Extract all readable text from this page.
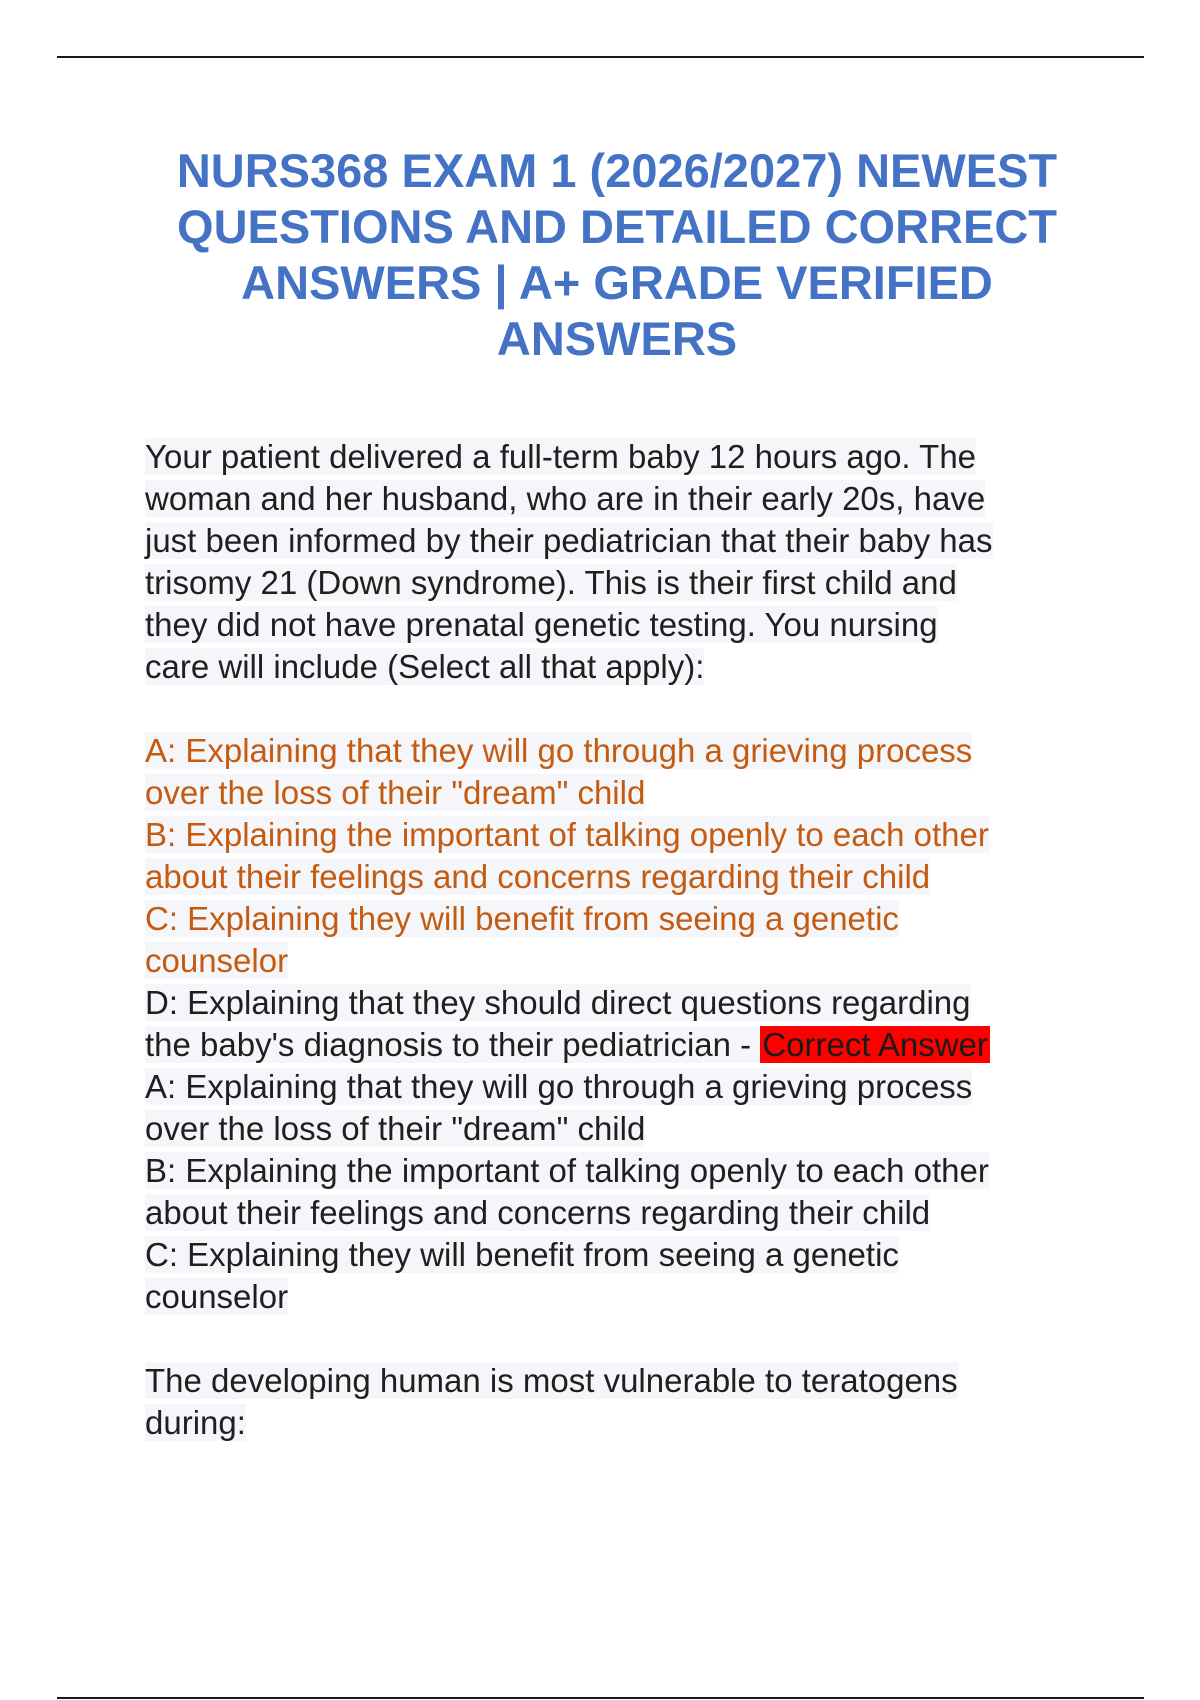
NURS368 EXAM 1 (2026/2027) NEWEST QUESTIONS AND DETAILED CORRECT ANSWERS | A+ GRADE VERIFIED ANSWERS
Your patient delivered a full-term baby 12 hours ago. The
woman and her husband, who are in their early 20s, have
just been informed by their pediatrician that their baby has
trisomy 21 (Down syndrome). This is their first child and
they did not have prenatal genetic testing. You nursing
care will include (Select all that apply):
A: Explaining that they will go through a grieving process
over the loss of their "dream" child
B: Explaining the important of talking openly to each other
about their feelings and concerns regarding their child
C: Explaining they will benefit from seeing a genetic
counselor
D: Explaining that they should direct questions regarding
the baby's diagnosis to their pediatrician - Correct Answer
A: Explaining that they will go through a grieving process
over the loss of their "dream" child
B: Explaining the important of talking openly to each other
about their feelings and concerns regarding their child
C: Explaining they will benefit from seeing a genetic
counselor
The developing human is most vulnerable to teratogens
during:
